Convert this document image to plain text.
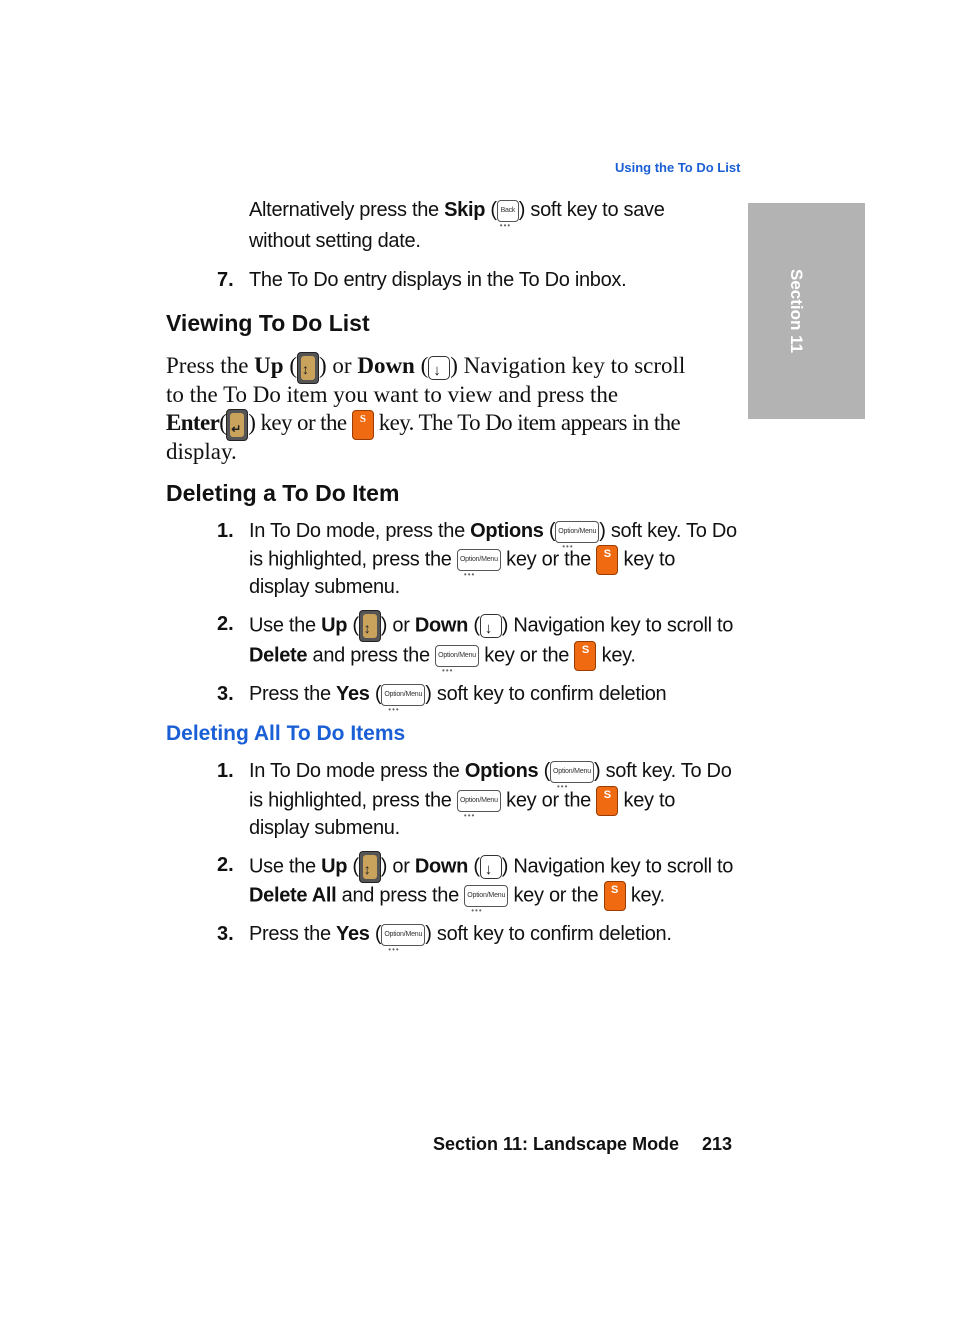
Using the To Do List
Section 11
Alternatively press the Skip ( Back
•••
) soft key to save
without setting date.
7. The To Do entry displays in the To Do inbox.
Viewing To Do List
Press the Up ( ↕ ) or Down ( ↓ ) Navigation key to scroll
to the To Do item you want to view and press the
Enter( ↵ ) key or the S key. The To Do item appears in the
display.
Deleting a To Do Item
1. In To Do mode, press the Options ( Option/Menu
•••
) soft key. To Do
is highlighted, press the Option/Menu
•••
key or the S key to
display submenu.
2. Use the Up ( ↕ ) or Down ( ↓ ) Navigation key to scroll to
Delete and press the Option/Menu
•••
key or the S key.
3. Press the Yes ( Option/Menu
•••
) soft key to confirm deletion
Deleting All To Do Items
1. In To Do mode press the Options ( Option/Menu
•••
) soft key. To Do
is highlighted, press the Option/Menu
•••
key or the S key to
display submenu.
2. Use the Up ( ↕ ) or Down ( ↓ ) Navigation key to scroll to
Delete All and press the Option/Menu
•••
key or the S key.
3. Press the Yes ( Option/Menu
•••
) soft key to confirm deletion.
Section 11: Landscape Mode 213
